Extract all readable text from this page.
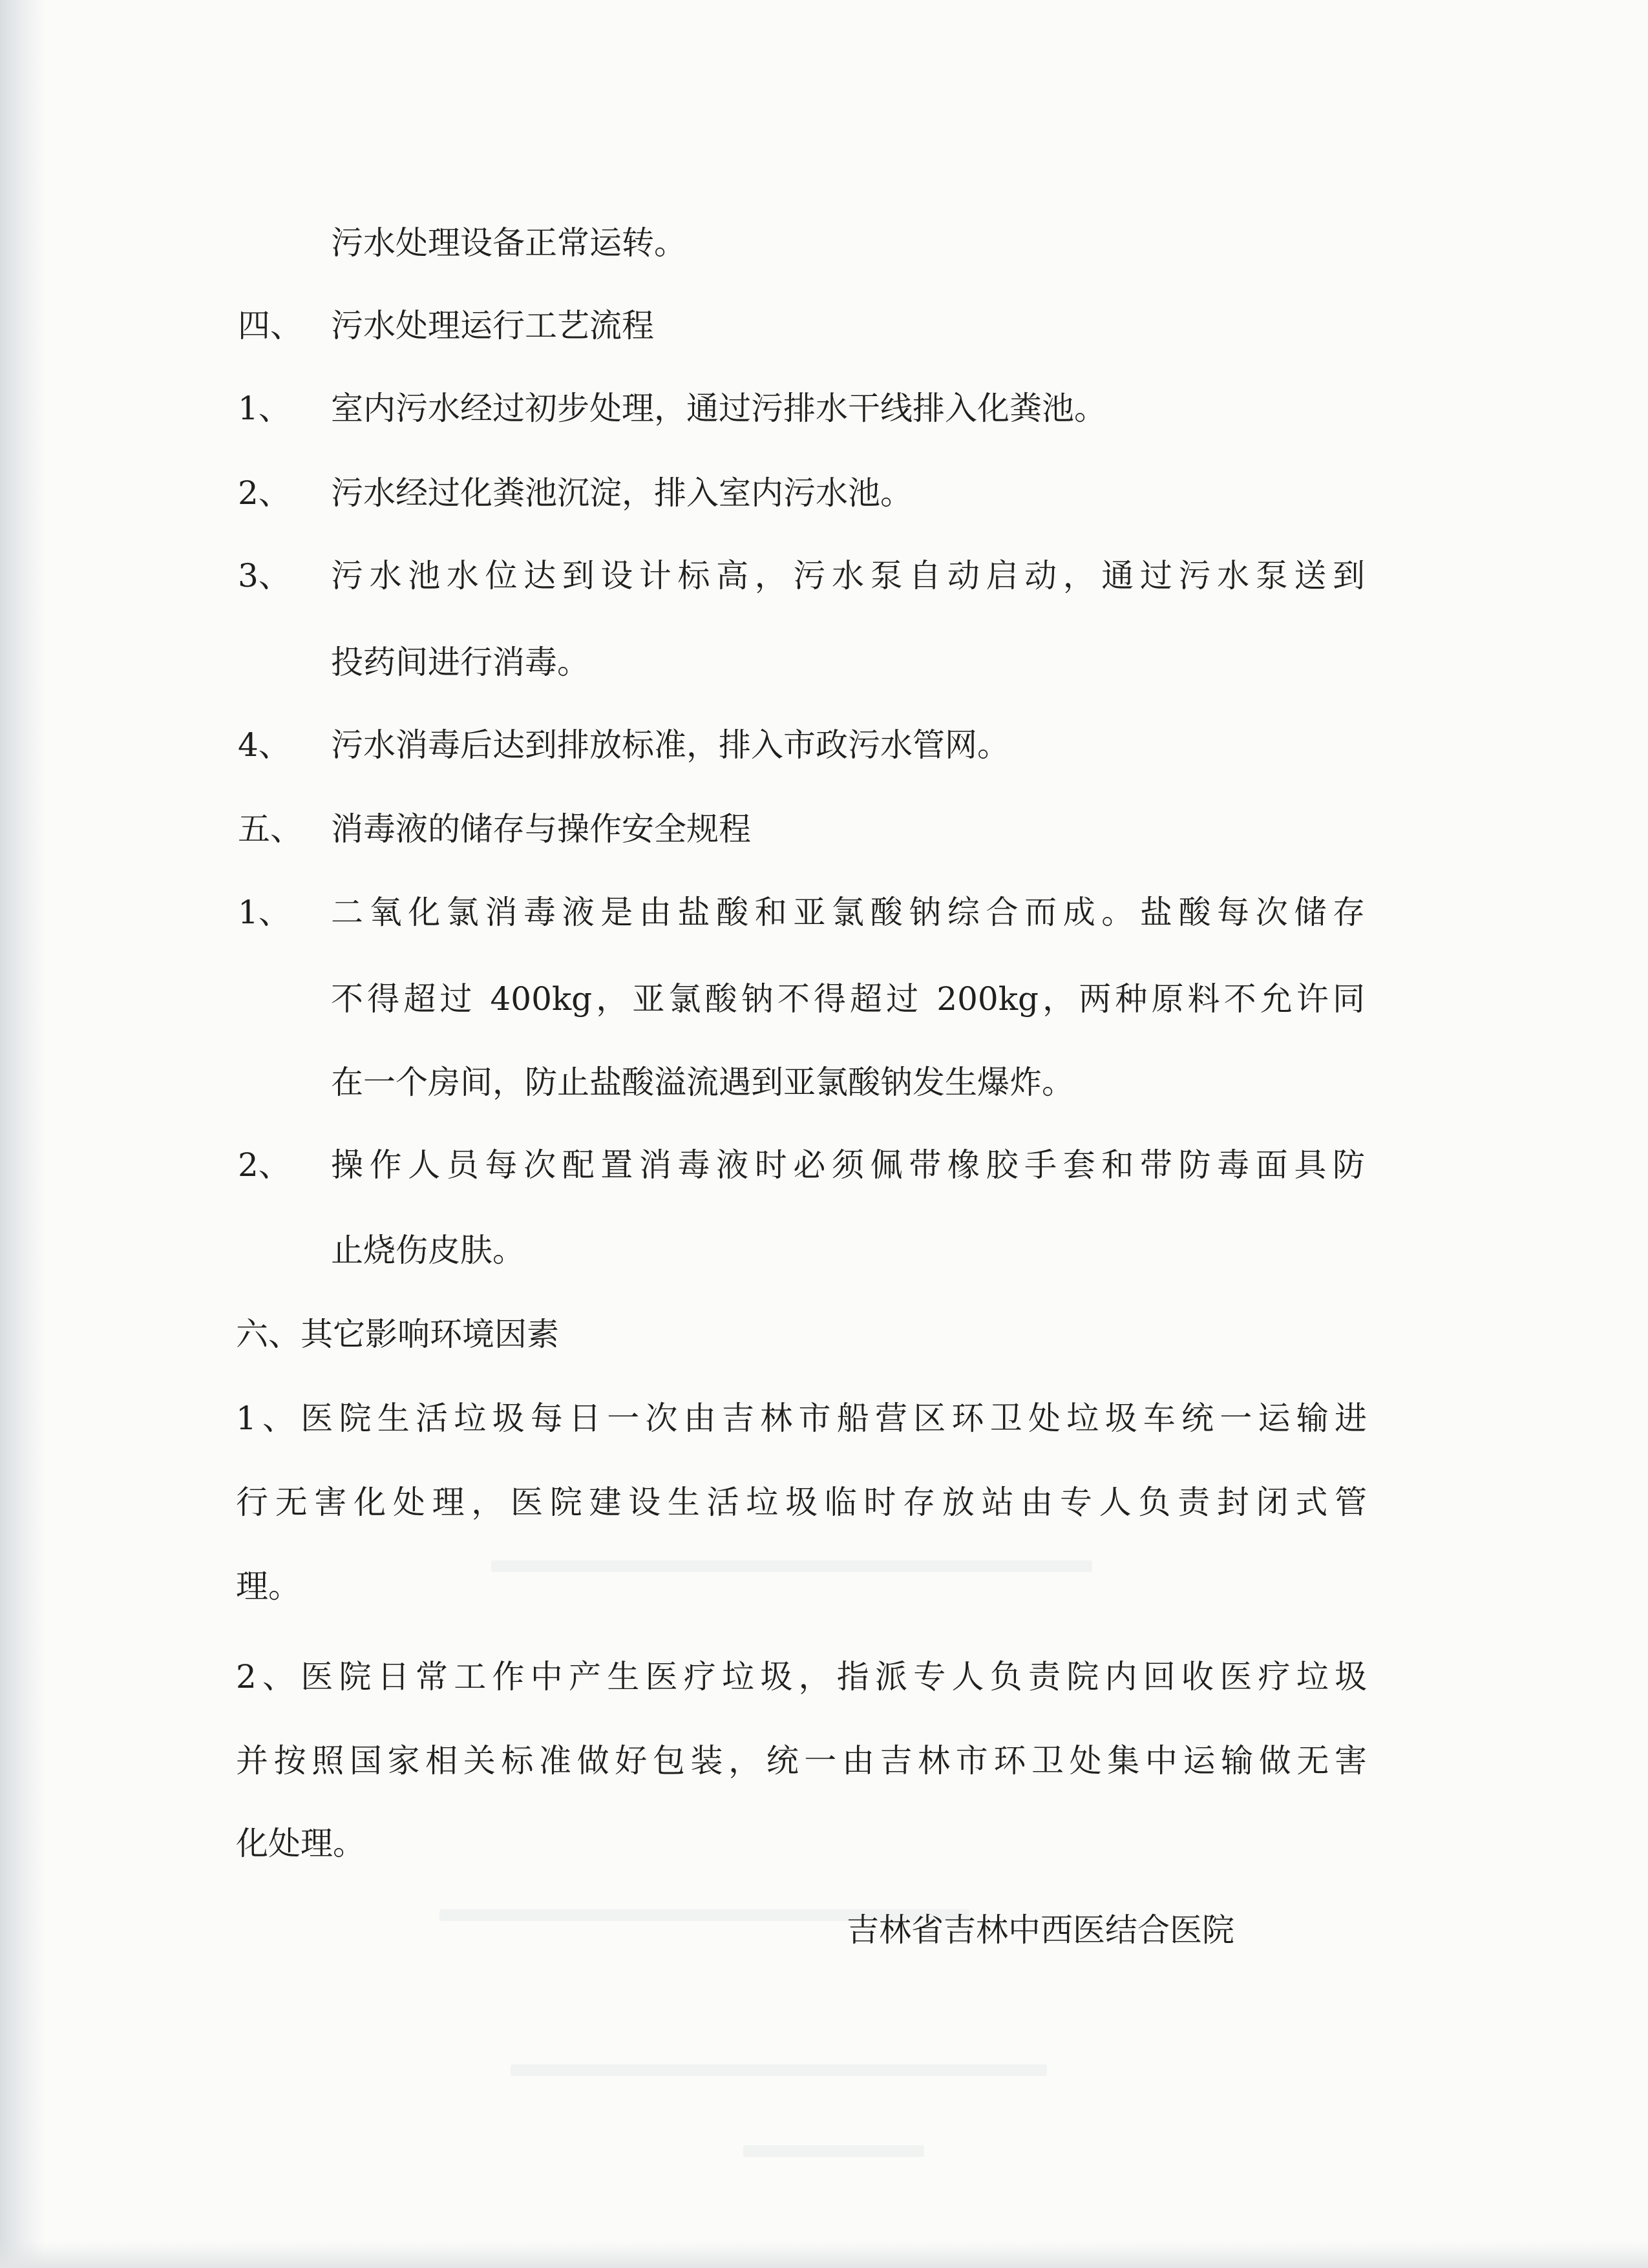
污水处理设备正常运转。
四、 污水处理运行工艺流程
1、 室内污水经过初步处理，通过污排水干线排入化粪池。
2、 污水经过化粪池沉淀，排入室内污水池。
3、 污水池水位达到设计标高，污水泵自动启动，通过污水泵送到
投药间进行消毒。
4、 污水消毒后达到排放标准，排入市政污水管网。
五、 消毒液的储存与操作安全规程
1、 二氧化氯消毒液是由盐酸和亚氯酸钠综合而成。盐酸每次储存
不得超过 400kg，亚氯酸钠不得超过 200kg，两种原料不允许同
在一个房间，防止盐酸溢流遇到亚氯酸钠发生爆炸。
2、 操作人员每次配置消毒液时必须佩带橡胶手套和带防毒面具防
止烧伤皮肤。
六、其它影响环境因素
1、医院生活垃圾每日一次由吉林市船营区环卫处垃圾车统一运输进
行无害化处理，医院建设生活垃圾临时存放站由专人负责封闭式管
理。
2、医院日常工作中产生医疗垃圾，指派专人负责院内回收医疗垃圾
并按照国家相关标准做好包装，统一由吉林市环卫处集中运输做无害
化处理。
吉林省吉林中西医结合医院
